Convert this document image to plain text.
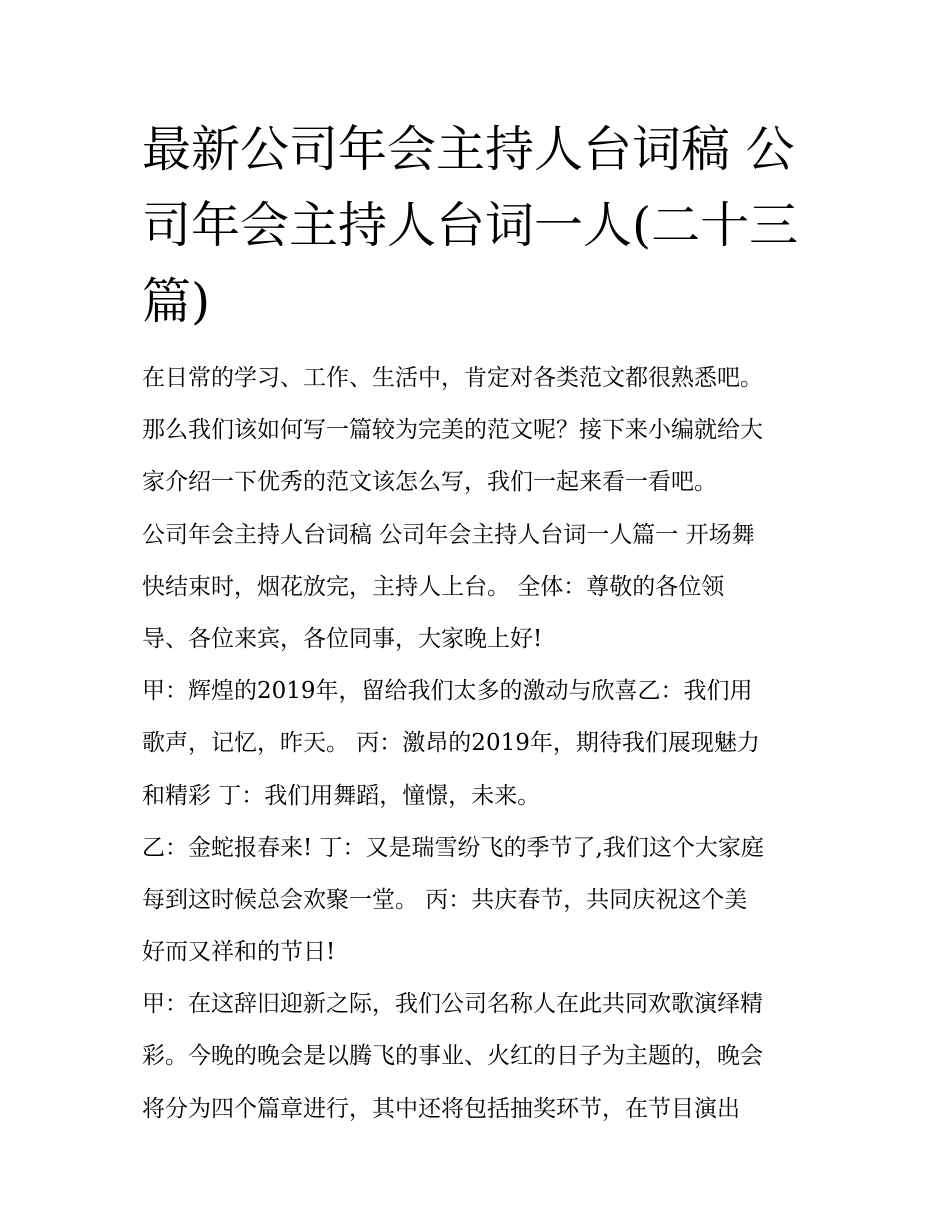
最新公司年会主持人台词稿 公
司年会主持人台词一人(二十三
篇)
在日常的学习、工作、生活中，肯定对各类范文都很熟悉吧。
那么我们该如何写一篇较为完美的范文呢？接下来小编就给大
家介绍一下优秀的范文该怎么写，我们一起来看一看吧。
公司年会主持人台词稿 公司年会主持人台词一人篇一 开场舞
快结束时，烟花放完，主持人上台。 全体：尊敬的各位领
导、各位来宾，各位同事，大家晚上好!
甲：辉煌的2019年，留给我们太多的激动与欣喜乙：我们用
歌声，记忆，昨天。 丙：激昂的2019年，期待我们展现魅力
和精彩 丁：我们用舞蹈，憧憬，未来。
乙：金蛇报春来! 丁：又是瑞雪纷飞的季节了,我们这个大家庭
每到这时候总会欢聚一堂。 丙：共庆春节，共同庆祝这个美
好而又祥和的节日!
甲：在这辞旧迎新之际，我们公司名称人在此共同欢歌演绎精
彩。今晚的晚会是以腾飞的事业、火红的日子为主题的，晚会
将分为四个篇章进行，其中还将包括抽奖环节，在节目演出
